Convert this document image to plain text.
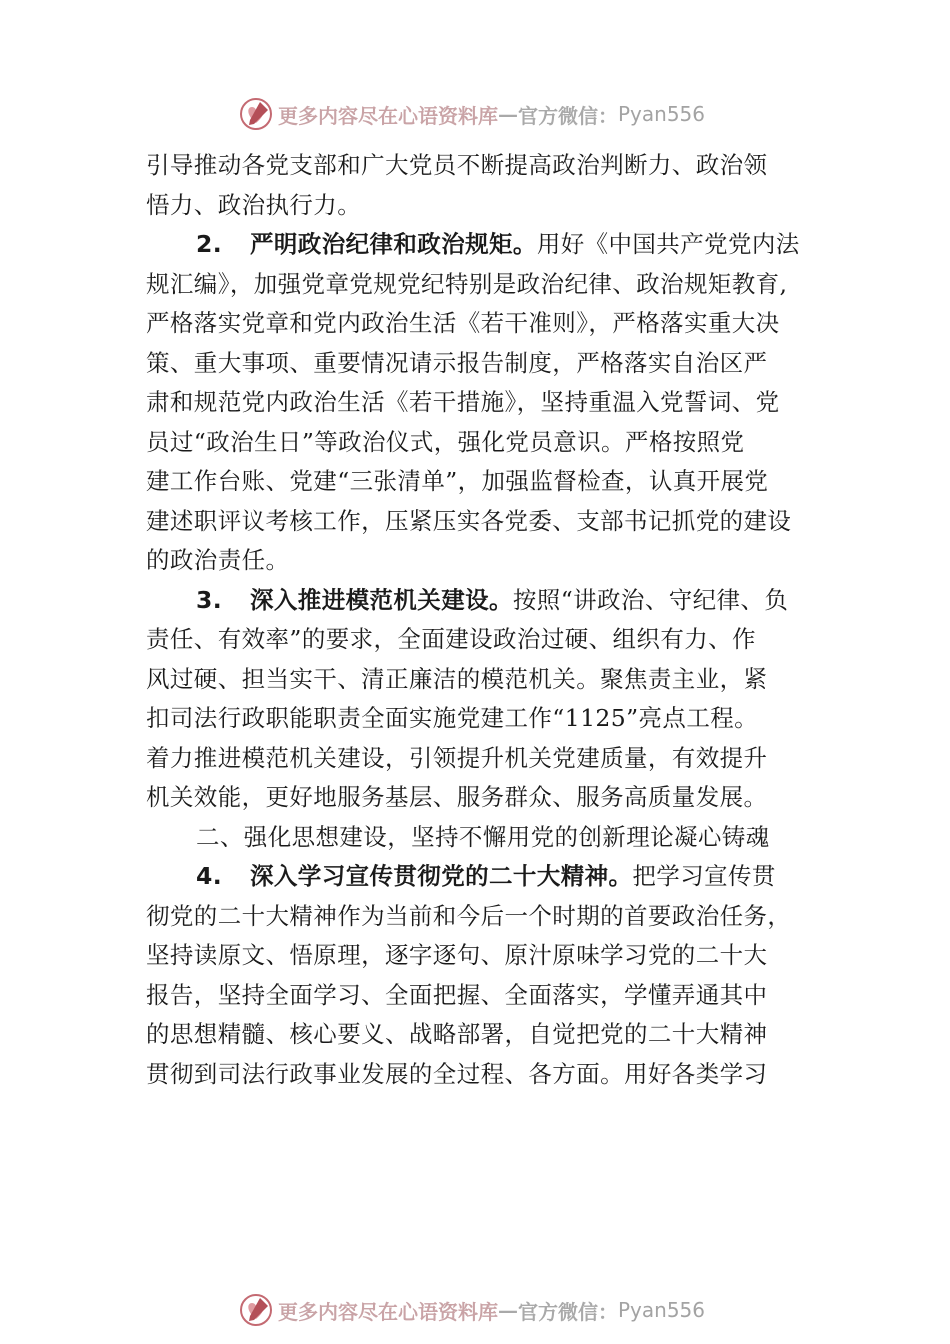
更多内容尽在心语资料库 — 官方微信： Pyan556
引导推动各党支部和广大党员不断提高政治判断力、政治领
悟力、政治执行力。
2. 严明政治纪律和政治规矩。用好《中国共产党党内法
规汇编》，加强党章党规党纪特别是政治纪律、政治规矩教育,
严格落实党章和党内政治生活《若干准则》，严格落实重大决
策、重大事项、重要情况请示报告制度，严格落实自治区严
肃和规范党内政治生活《若干措施》，坚持重温入党誓词、党
员过“政治生日”等政治仪式，强化党员意识。严格按照党
建工作台账、党建“三张清单”，加强监督检查，认真开展党
建述职评议考核工作，压紧压实各党委、支部书记抓党的建设
的政治责任。
3. 深入推进模范机关建设。按照“讲政治、守纪律、负
责任、有效率”的要求，全面建设政治过硬、组织有力、作
风过硬、担当实干、清正廉洁的模范机关。聚焦责主业，紧
扣司法行政职能职责全面实施党建工作“1125”亮点工程。
着力推进模范机关建设，引领提升机关党建质量，有效提升
机关效能，更好地服务基层、服务群众、服务高质量发展。
二、强化思想建设，坚持不懈用党的创新理论凝心铸魂
4. 深入学习宣传贯彻党的二十大精神。把学习宣传贯
彻党的二十大精神作为当前和今后一个时期的首要政治任务，
坚持读原文、悟原理，逐字逐句、原汁原味学习党的二十大
报告，坚持全面学习、全面把握、全面落实，学懂弄通其中
的思想精髓、核心要义、战略部署，自觉把党的二十大精神
贯彻到司法行政事业发展的全过程、各方面。用好各类学习
更多内容尽在心语资料库 — 官方微信： Pyan556
